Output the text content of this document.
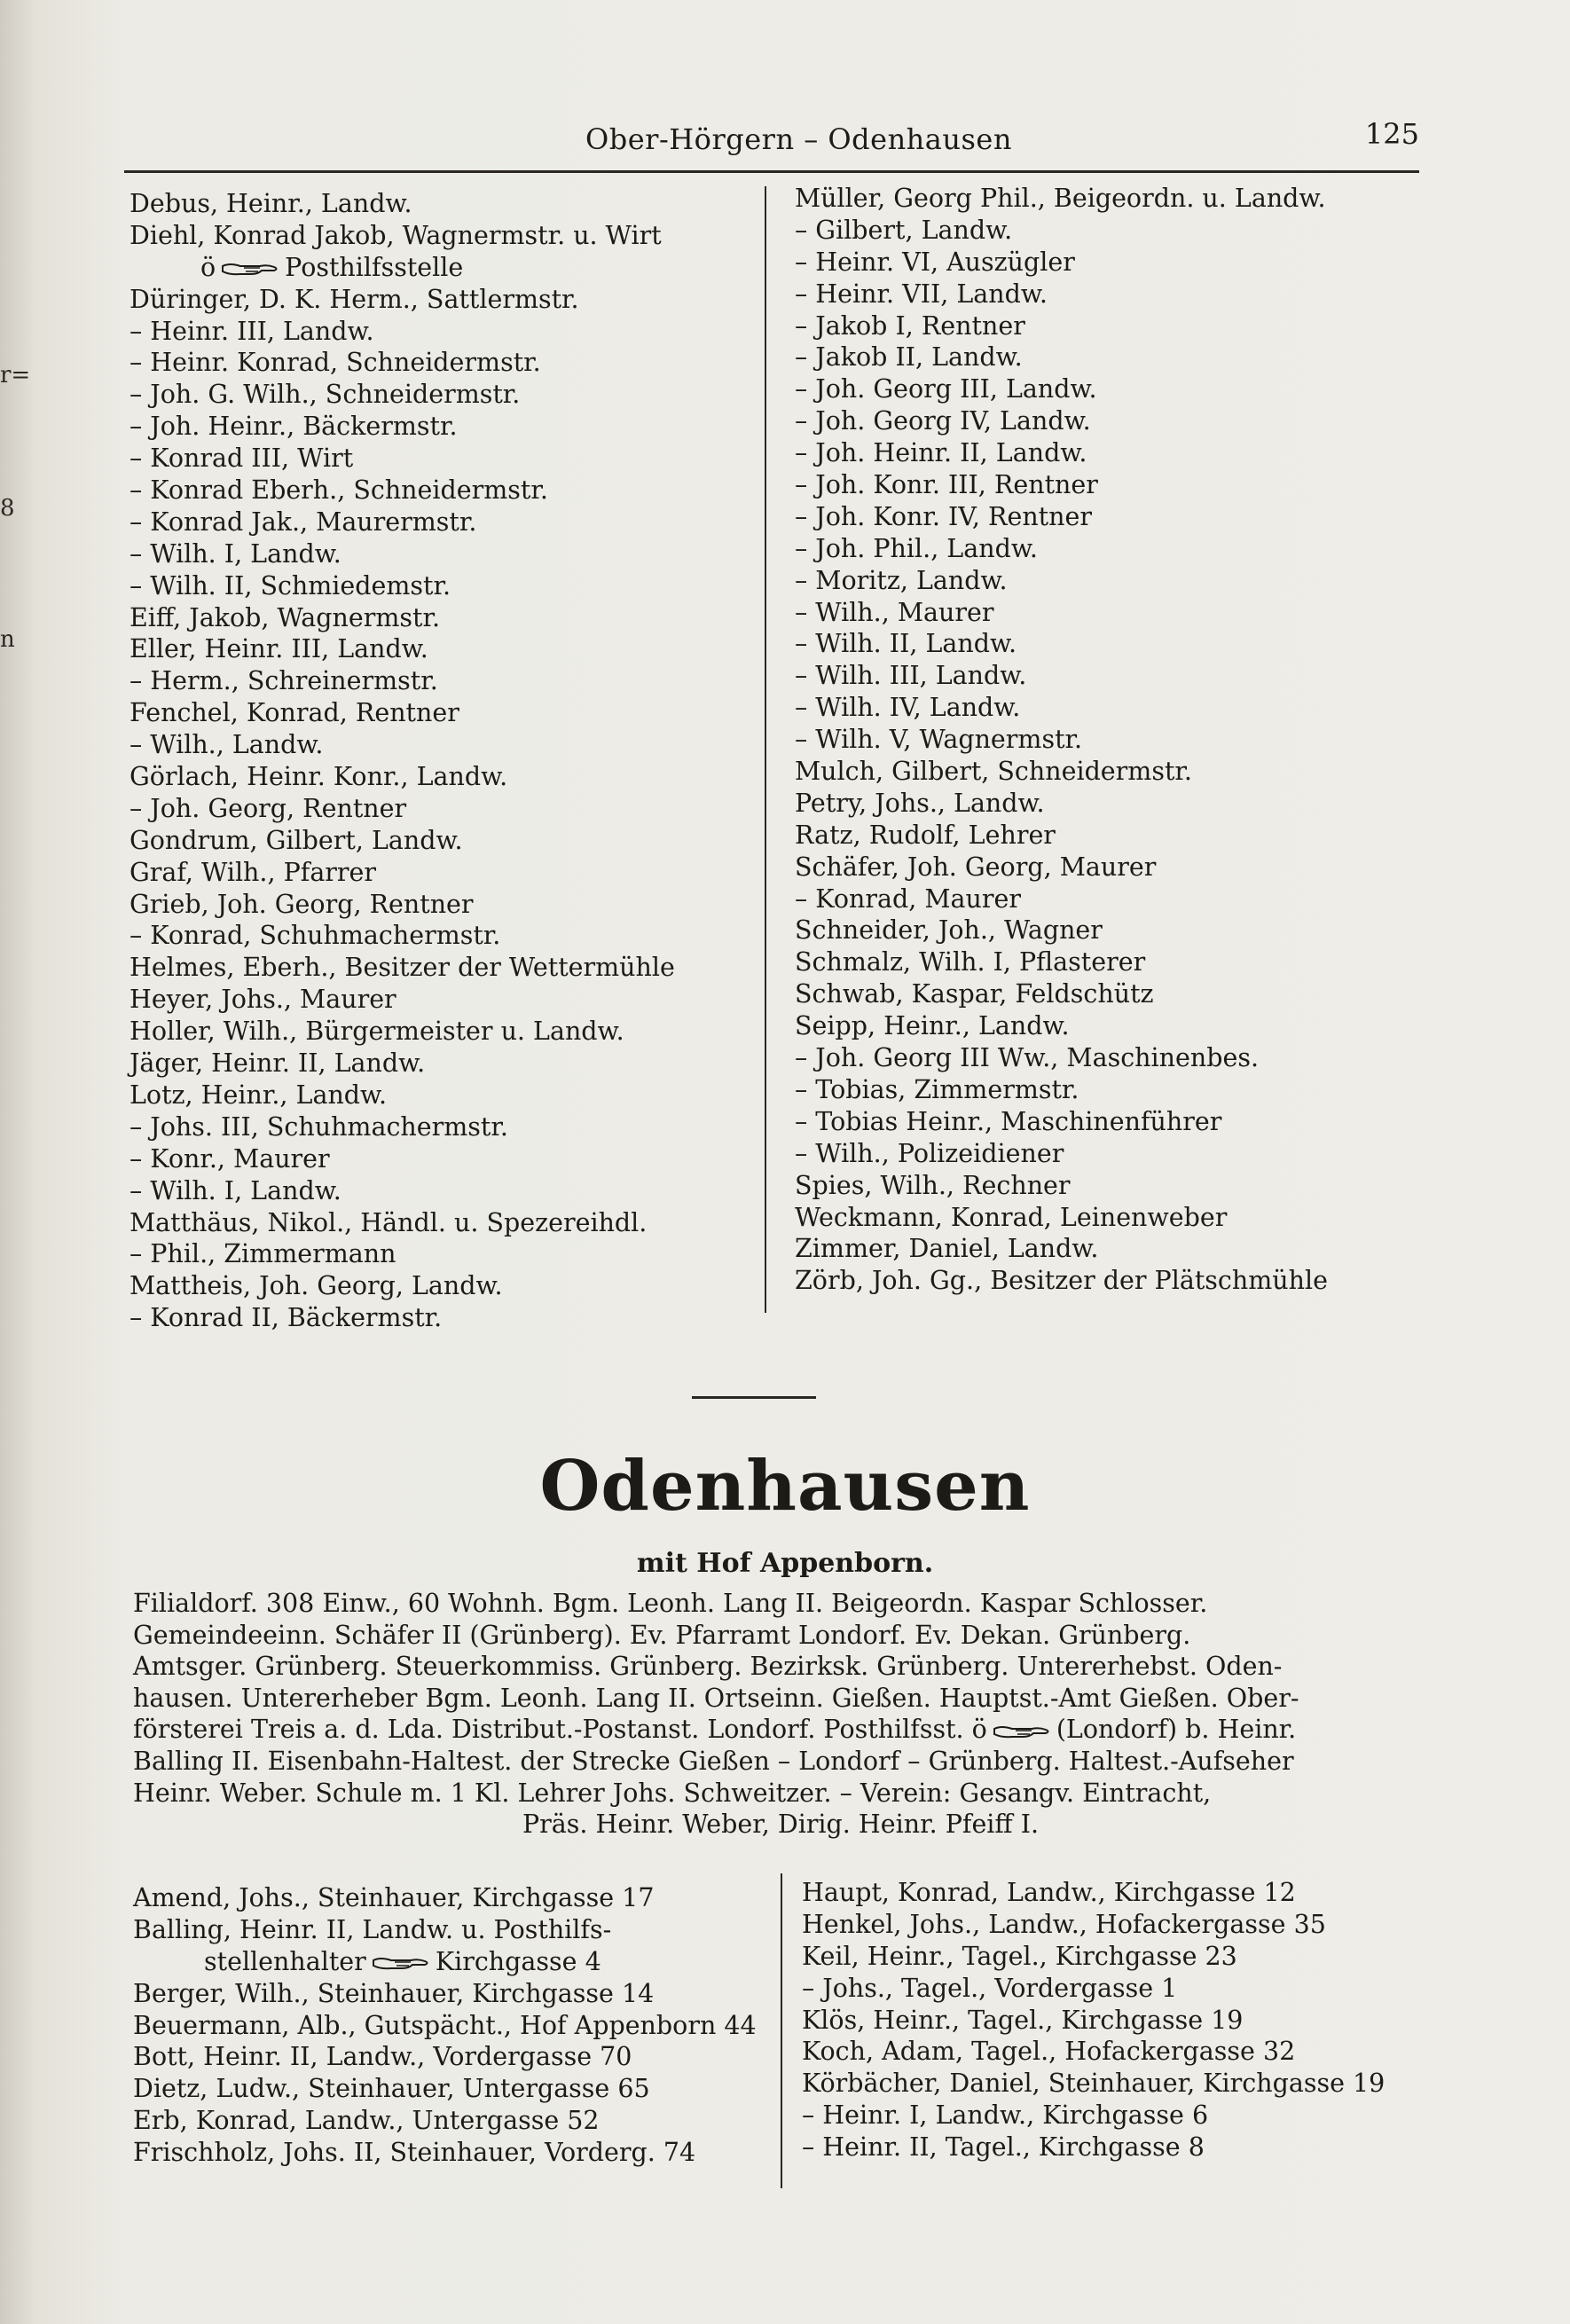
r=
8
n
Ober-Hörgern – Odenhausen	125
Debus, Heinr., Landw.
Diehl, Konrad Jakob, Wagnermstr. u. Wirt
ö	Posthilfsstelle
Düringer, D. K. Herm., Sattlermstr.
– Heinr. III, Landw.
– Heinr. Konrad, Schneidermstr.
– Joh. G. Wilh., Schneidermstr.
– Joh. Heinr., Bäckermstr.
– Konrad III, Wirt
– Konrad Eberh., Schneidermstr.
– Konrad Jak., Maurermstr.
– Wilh. I, Landw.
– Wilh. II, Schmiedemstr.
Eiff, Jakob, Wagnermstr.
Eller, Heinr. III, Landw.
– Herm., Schreinermstr.
Fenchel, Konrad, Rentner
– Wilh., Landw.
Görlach, Heinr. Konr., Landw.
– Joh. Georg, Rentner
Gondrum, Gilbert, Landw.
Graf, Wilh., Pfarrer
Grieb, Joh. Georg, Rentner
– Konrad, Schuhmachermstr.
Helmes, Eberh., Besitzer der Wettermühle
Heyer, Johs., Maurer
Holler, Wilh., Bürgermeister u. Landw.
Jäger, Heinr. II, Landw.
Lotz, Heinr., Landw.
– Johs. III, Schuhmachermstr.
– Konr., Maurer
– Wilh. I, Landw.
Matthäus, Nikol., Händl. u. Spezereihdl.
– Phil., Zimmermann
Mattheis, Joh. Georg, Landw.
– Konrad II, Bäckermstr.
Müller, Georg Phil., Beigeordn. u. Landw.
– Gilbert, Landw.
– Heinr. VI, Auszügler
– Heinr. VII, Landw.
– Jakob I, Rentner
– Jakob II, Landw.
– Joh. Georg III, Landw.
– Joh. Georg IV, Landw.
– Joh. Heinr. II, Landw.
– Joh. Konr. III, Rentner
– Joh. Konr. IV, Rentner
– Joh. Phil., Landw.
– Moritz, Landw.
– Wilh., Maurer
– Wilh. II, Landw.
– Wilh. III, Landw.
– Wilh. IV, Landw.
– Wilh. V, Wagnermstr.
Mulch, Gilbert, Schneidermstr.
Petry, Johs., Landw.
Ratz, Rudolf, Lehrer
Schäfer, Joh. Georg, Maurer
– Konrad, Maurer
Schneider, Joh., Wagner
Schmalz, Wilh. I, Pflasterer
Schwab, Kaspar, Feldschütz
Seipp, Heinr., Landw.
– Joh. Georg III Ww., Maschinenbes.
– Tobias, Zimmermstr.
– Tobias Heinr., Maschinenführer
– Wilh., Polizeidiener
Spies, Wilh., Rechner
Weckmann, Konrad, Leinenweber
Zimmer, Daniel, Landw.
Zörb, Joh. Gg., Besitzer der Plätschmühle
Odenhausen
mit Hof Appenborn.
Filialdorf. 308 Einw., 60 Wohnh. Bgm. Leonh. Lang II. Beigeordn. Kaspar Schlosser.
Gemeindeeinn. Schäfer II (Grünberg). Ev. Pfarramt Londorf. Ev. Dekan. Grünberg.
Amtsger. Grünberg. Steuerkommiss. Grünberg. Bezirksk. Grünberg. Untererhebst. Oden-
hausen. Untererheber Bgm. Leonh. Lang II. Ortseinn. Gießen. Hauptst.-Amt Gießen. Ober-
försterei Treis a. d. Lda. Distribut.-Postanst. Londorf. Posthilfsst. ö	(Londorf) b. Heinr.
Balling II. Eisenbahn-Haltest. der Strecke Gießen – Londorf – Grünberg. Haltest.-Aufseher
Heinr. Weber. Schule m. 1 Kl. Lehrer Johs. Schweitzer. – Verein: Gesangv. Eintracht,
Präs. Heinr. Weber, Dirig. Heinr. Pfeiff I.
Amend, Johs., Steinhauer, Kirchgasse 17
Balling, Heinr. II, Landw. u. Posthilfs-
stellenhalter	Kirchgasse 4
Berger, Wilh., Steinhauer, Kirchgasse 14
Beuermann, Alb., Gutspächt., Hof Appenborn 44
Bott, Heinr. II, Landw., Vordergasse 70
Dietz, Ludw., Steinhauer, Untergasse 65
Erb, Konrad, Landw., Untergasse 52
Frischholz, Johs. II, Steinhauer, Vorderg. 74
Haupt, Konrad, Landw., Kirchgasse 12
Henkel, Johs., Landw., Hofackergasse 35
Keil, Heinr., Tagel., Kirchgasse 23
– Johs., Tagel., Vordergasse 1
Klös, Heinr., Tagel., Kirchgasse 19
Koch, Adam, Tagel., Hofackergasse 32
Körbächer, Daniel, Steinhauer, Kirchgasse 19
– Heinr. I, Landw., Kirchgasse 6
– Heinr. II, Tagel., Kirchgasse 8
